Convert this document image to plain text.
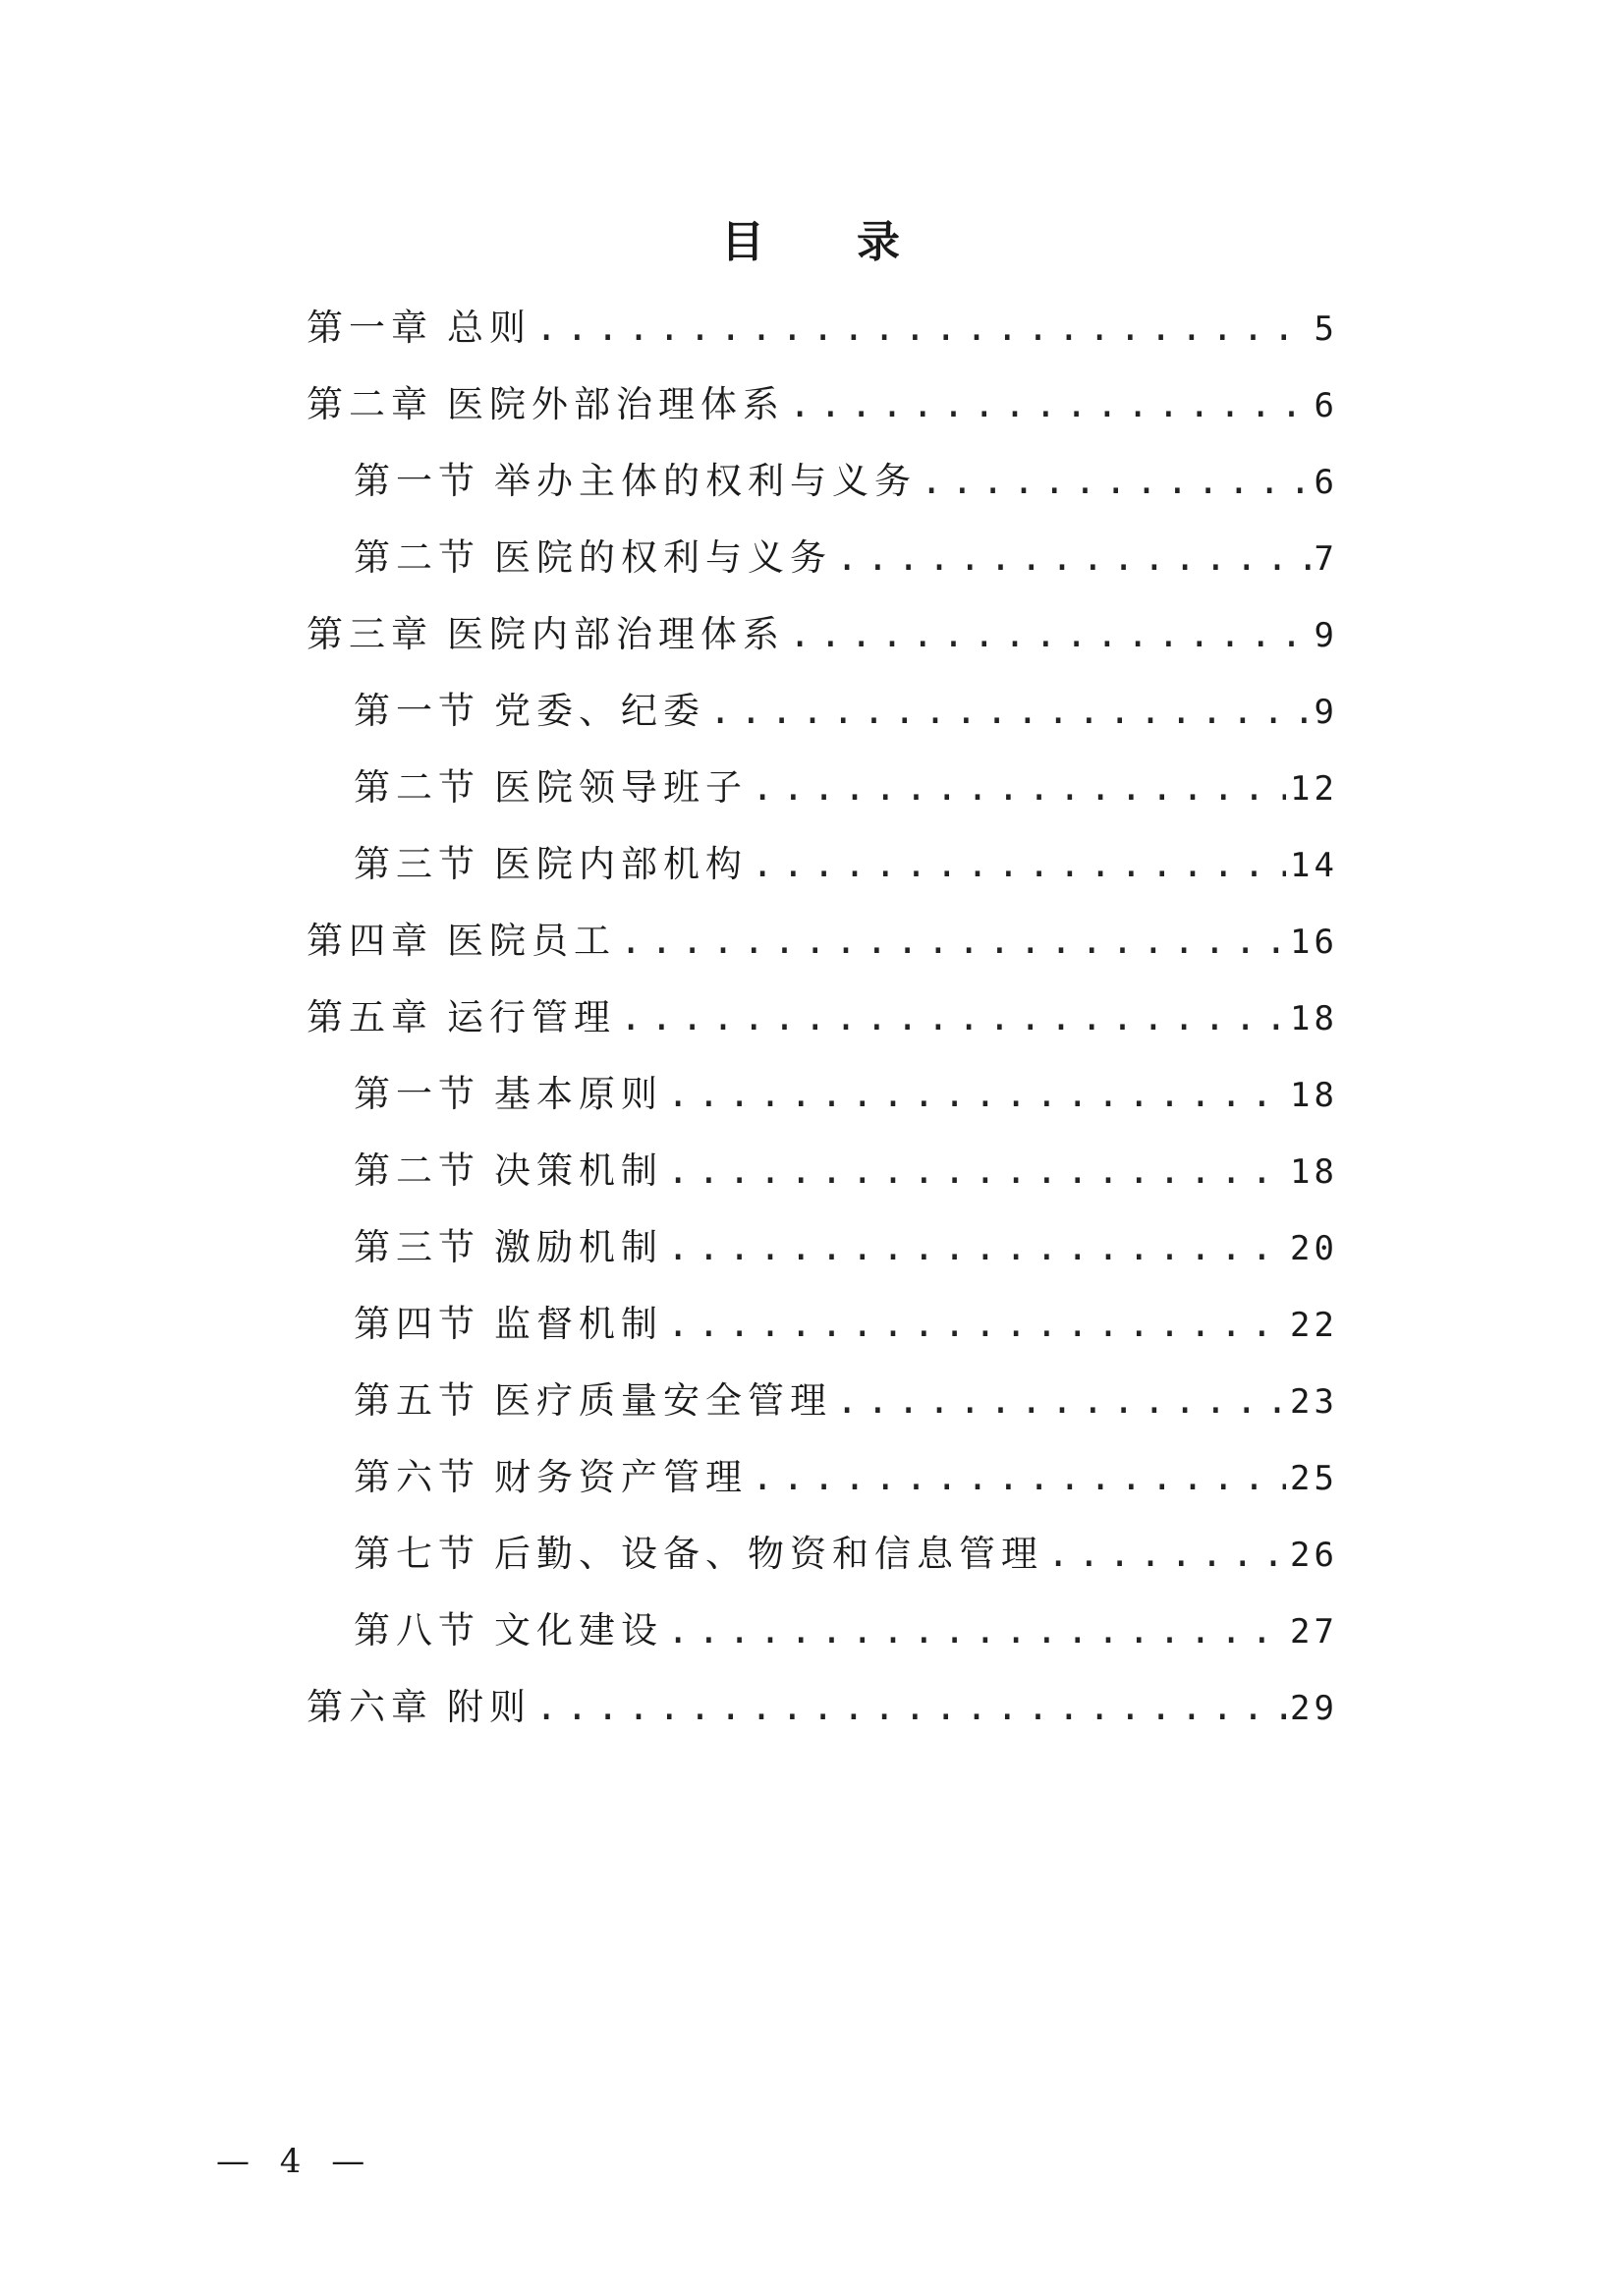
目　　录
第一章 总则 .....	5
第二章 医院外部治理体系 .....	6
第一节 举办主体的权利与义务 .....	6
第二节 医院的权利与义务 .....	7
第三章 医院内部治理体系 .....	9
第一节 党委、纪委 .....	9
第二节 医院领导班子 .....	12
第三节 医院内部机构 .....	14
第四章 医院员工 .....	16
第五章 运行管理 .....	18
第一节 基本原则 .....	18
第二节 决策机制 .....	18
第三节 激励机制 .....	20
第四节 监督机制 .....	22
第五节 医疗质量安全管理 .....	23
第六节 财务资产管理 .....	25
第七节 后勤、设备、物资和信息管理 .....	26
第八节 文化建设 .....	27
第六章 附则 .....	29
— 4 —
